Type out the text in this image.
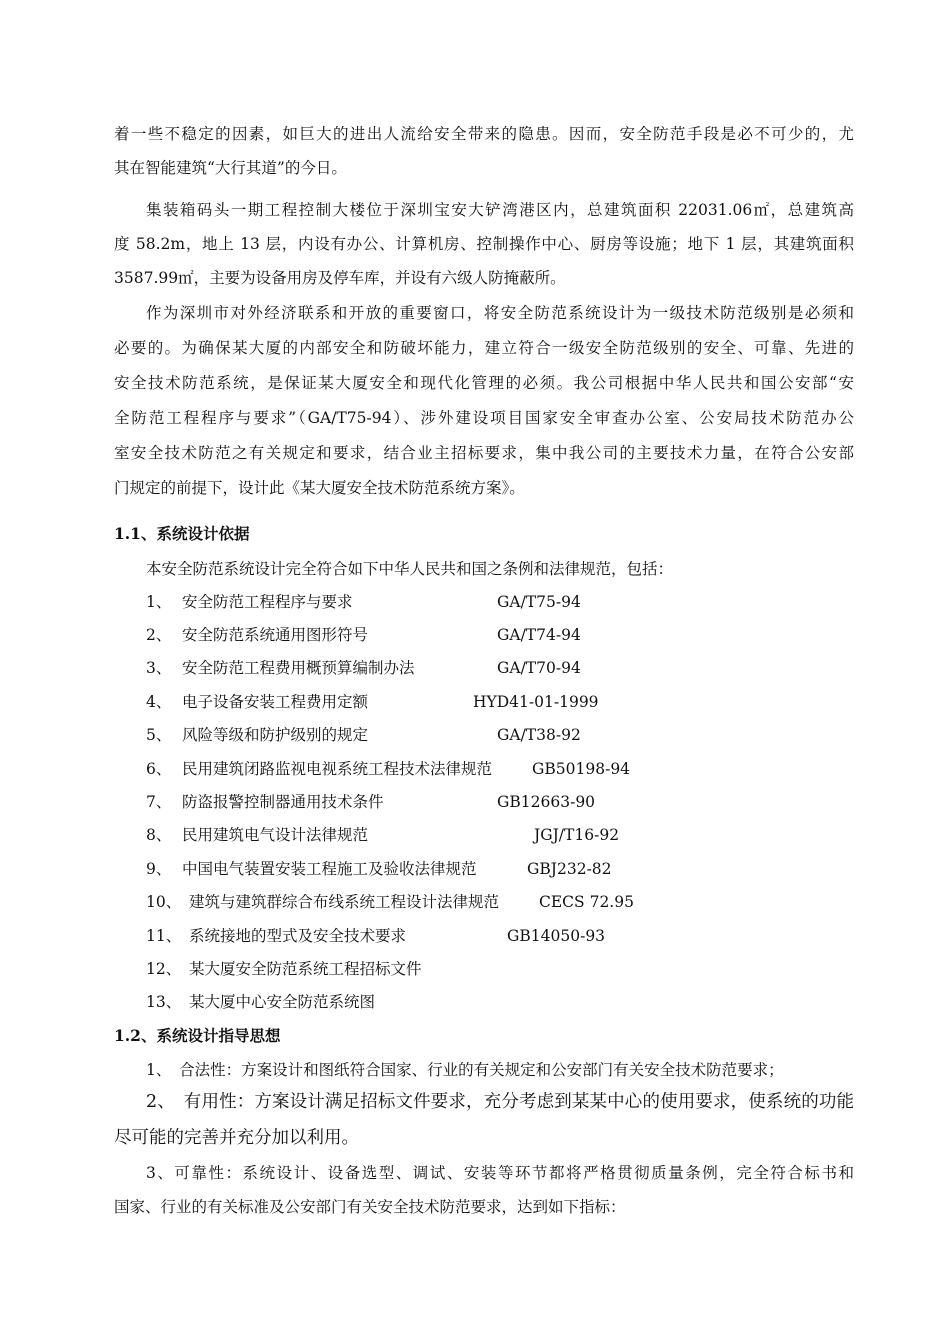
着一些不稳定的因素，如巨大的进出人流给安全带来的隐患。因而，安全防范手段是必不可少的，尤
其在智能建筑“大行其道”的今日。
集装箱码头一期工程控制大楼位于深圳宝安大铲湾港区内，总建筑面积 22031.06㎡，总建筑高
度 58.2m，地上 13 层，内设有办公、计算机房、控制操作中心、厨房等设施；地下 1 层，其建筑面积
3587.99㎡，主要为设备用房及停车库，并设有六级人防掩蔽所。
作为深圳市对外经济联系和开放的重要窗口，将安全防范系统设计为一级技术防范级别是必须和
必要的。为确保某大厦的内部安全和防破坏能力，建立符合一级安全防范级别的安全、可靠、先进的
安全技术防范系统，是保证某大厦安全和现代化管理的必须。我公司根据中华人民共和国公安部“安
全防范工程程序与要求”（GA/T75-94）、涉外建设项目国家安全审查办公室、公安局技术防范办公
室安全技术防范之有关规定和要求，结合业主招标要求，集中我公司的主要技术力量，在符合公安部
门规定的前提下，设计此《某大厦安全技术防范系统方案》。
1.1、系统设计依据
本安全防范系统设计完全符合如下中华人民共和国之条例和法律规范，包括：
1、 安全防范工程程序与要求	GA/T75-94
2、 安全防范系统通用图形符号	GA/T74-94
3、 安全防范工程费用概预算编制办法	GA/T70-94
4、 电子设备安装工程费用定额	HYD41-01-1999
5、 风险等级和防护级别的规定	GA/T38-92
6、 民用建筑闭路监视电视系统工程技术法律规范	GB50198-94
7、 防盗报警控制器通用技术条件	GB12663-90
8、 民用建筑电气设计法律规范	JGJ/T16-92
9、 中国电气装置安装工程施工及验收法律规范	GBJ232-82
10、 建筑与建筑群综合布线系统工程设计法律规范	CECS 72.95
11、 系统接地的型式及安全技术要求	GB14050-93
12、 某大厦安全防范系统工程招标文件
13、 某大厦中心安全防范系统图
1.2、系统设计指导思想
1、　合法性：方案设计和图纸符合国家、行业的有关规定和公安部门有关安全技术防范要求；
2、　有用性：方案设计满足招标文件要求，充分考虑到某某中心的使用要求，使系统的功能
尽可能的完善并充分加以利用。
3、可靠性：系统设计、设备选型、调试、安装等环节都将严格贯彻质量条例，完全符合标书和
国家、行业的有关标准及公安部门有关安全技术防范要求，达到如下指标：
